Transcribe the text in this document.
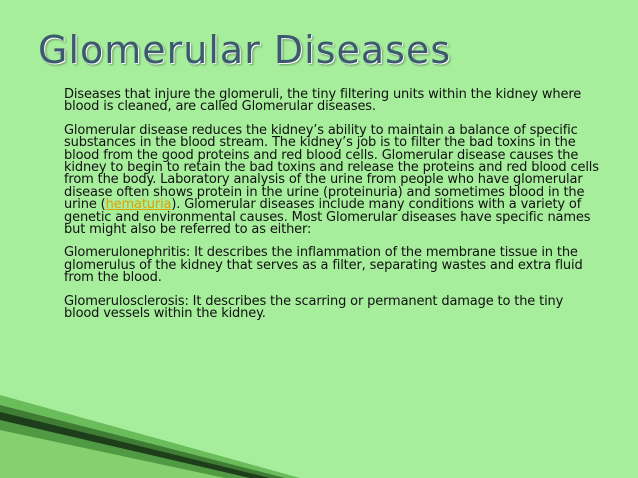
Glomerular Diseases

Diseases that injure the glomeruli, the tiny filtering units within the kidney where blood is cleaned, are called Glomerular diseases.

Glomerular disease reduces the kidney’s ability to maintain a balance of specific substances in the blood stream. The kidney’s job is to filter the bad toxins in the blood from the good proteins and red blood cells. Glomerular disease causes the kidney to begin to retain the bad toxins and release the proteins and red blood cells from the body. Laboratory analysis of the urine from people who have glomerular disease often shows protein in the urine (proteinuria) and sometimes blood in the urine (hematuria). Glomerular diseases include many conditions with a variety of genetic and environmental causes. Most Glomerular diseases have specific names but might also be referred to as either:

Glomerulonephritis: It describes the inflammation of the membrane tissue in the glomerulus of the kidney that serves as a filter, separating wastes and extra fluid from the blood.

Glomerulosclerosis: It describes the scarring or permanent damage to the tiny blood vessels within the kidney.
